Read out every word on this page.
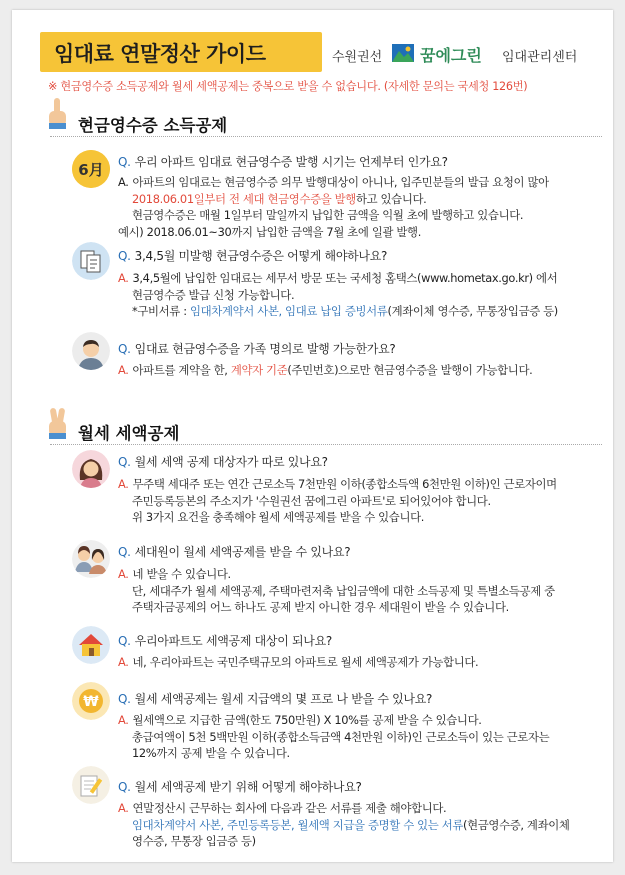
임대료 연말정산 가이드	수원권선 꿈에그린 임대관리센터
※ 현금영수증 소득공제와 월세 세액공제는 중복으로 받을 수 없습니다. (자세한 문의는 국세청 126번)
현금영수증 소득공제
6月 Q. 우리 아파트 임대료 현금영수증 발행 시기는 언제부터 인가요?
A. 아파트의 임대료는 현금영수증 의무 발행대상이 아니나, 입주민분들의 발급 요청이 많아
2018.06.01일부터 전 세대 현금영수증을 발행하고 있습니다.
현금영수증은 매월 1일부터 말일까지 납입한 금액을 익월 초에 발행하고 있습니다.
예시) 2018.06.01~30까지 납입한 금액을 7월 초에 일괄 발행.
Q. 3,4,5월 미발행 현금영수증은 어떻게 해야하나요?
A. 3,4,5월에 납입한 임대료는 세무서 방문 또는 국세청 홈택스(www.hometax.go.kr) 에서
현금영수증 발급 신청 가능합니다.
*구비서류 : 임대차계약서 사본, 임대료 납입 증빙서류(계좌이체 영수증, 무통장입금증 등)
Q. 임대료 현금영수증을 가족 명의로 발행 가능한가요?
A. 아파트를 계약을 한, 계약자 기준(주민번호)으로만 현금영수증을 발행이 가능합니다.
월세 세액공제
Q. 월세 세액 공제 대상자가 따로 있나요?
A. 무주택 세대주 또는 연간 근로소득 7천만원 이하(종합소득액 6천만원 이하)인 근로자이며
주민등록등본의 주소지가 '수원권선 꿈에그린 아파트'로 되어있어야 합니다.
위 3가지 요건을 충족해야 월세 세액공제를 받을 수 있습니다.
Q. 세대원이 월세 세액공제를 받을 수 있나요?
A. 네 받을 수 있습니다.
단, 세대주가 월세 세액공제, 주택마련저축 납입금액에 대한 소득공제 및 특별소득공제 중
주택자금공제의 어느 하나도 공제 받지 아니한 경우 세대원이 받을 수 있습니다.
Q. 우리아파트도 세액공제 대상이 되나요?
A. 네, 우리아파트는 국민주택규모의 아파트로 월세 세액공제가 가능합니다.
₩ Q. 월세 세액공제는 월세 지급액의 몇 프로 나 받을 수 있나요?
A. 월세액으로 지급한 금액(한도 750만원) X 10%를 공제 받을 수 있습니다.
총급여액이 5천 5백만원 이하(종합소득금액 4천만원 이하)인 근로소득이 있는 근로자는
12%까지 공제 받을 수 있습니다.
Q. 월세 세액공제 받기 위해 어떻게 해야하나요?
A. 연말정산시 근무하는 회사에 다음과 같은 서류를 제출 해야합니다.
임대차계약서 사본, 주민등록등본, 월세액 지급을 증명할 수 있는 서류(현금영수증, 계좌이체
영수증, 무통장 입금증 등)
